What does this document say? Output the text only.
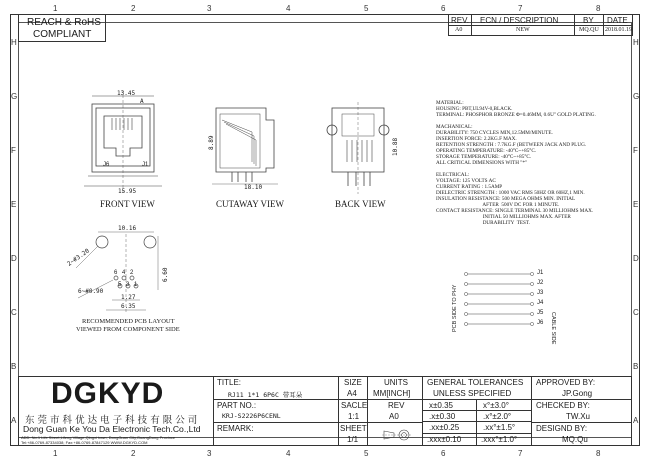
1	2	3	4	5	6	7	8
1	2	3	4	5	6	7	8
H
G
F
E
D
C
B
A
H
G
F
E
D
C
B
A
REACH & RoHS
COMPLIANT
REV. ECN / DESCRIPTION	BY DATE
A0	NEW	MQ.QU 2018.01.19
13.45
A
J6	J1
15.95
FRONT VIEW
8.89
18.10
CUTAWAY VIEW
10.88
BACK VIEW
10.16
2~#3.20
6~#0.90
6.60
1.27
6.35
6 4 2
5 3 1
RECOMMENDED PCB LAYOUT
VIEWED FROM COMPONENT SIDE
MATERIAL:
HOUSING: PBT,UL94V-0,BLACK.
TERMINAL: PHOSPHOR BRONZE Φ=0.46MM, 0.6U" GOLD PLATING.
MACHANICAL:
DURABILITY: 750 CYCLES MIN,12.5MM/MINUTE.
INSERTION FORCE: 2.2KG.F MAX.
RETENTION STRENGTH : 7.7KG.F (BETWEEN JACK AND PLUG.
OPERATING TEMPERATURE: -40°C~+85°C.
STORAGE TEMPERATURE: -40°C~+85°C.
ALL CRITICAL DIMENSIONS WITH "*"
ELECTRICAL:
VOLTAGE: 125 VOLTS AC
CURRENT RATING : 1.5AMP
DIELECTRIC STRENGTH : 1000 VAC RMS 50HZ OR 60HZ,1 MIN.
INSULATION RESISTANCE: 500 MEGA OHMS MIN. INITIAL
AFTER  500V DC FOR 1 MINUTE.
CONTACT RESISTANCE: SINGLE TERMINAL 30 MILLIOHMS MAX.
INITIAL 50 MILLIOHMS MAX. AFTER
DURABILITY  TEST.
PCB SIDE TO PHY	CABLE SIDE
J1
J2
J3
J4
J5
J6
DGKYD
东 莞 市 科 优 达 电 子 科 技 有 限 公 司
Dong Guan Ke You Da Electronic Tech.Co.,Ltd
ADD: No.1 Life Street,Lifeng Village,Qingxi town, DongGuan City,GuangDong Province
Tel:+86-0769-87334038; Fax:+86-0769-87847129 WWW.DGKYD.COM
TITLE:
RJ11 1*1 6P6C 带耳朵
PART NO.:
KRJ-S2226P6CENL
REMARK:
SIZE
A4
UNITS
MM[INCH]
SACLE
1:1
REV
A0
SHEET
1/1
GENERAL TOLERANCES
UNLESS SPECIFIED
x±0.35	x°±3.0°
.x±0.30	.x°±2.0°
.xx±0.25	.xx°±1.5°
.xxx±0.10 .xxx°±1.0°
APPROVED BY:
JP.Gong
CHECKED BY:
TW.Xu
DESIGND BY:
MQ.Qu
